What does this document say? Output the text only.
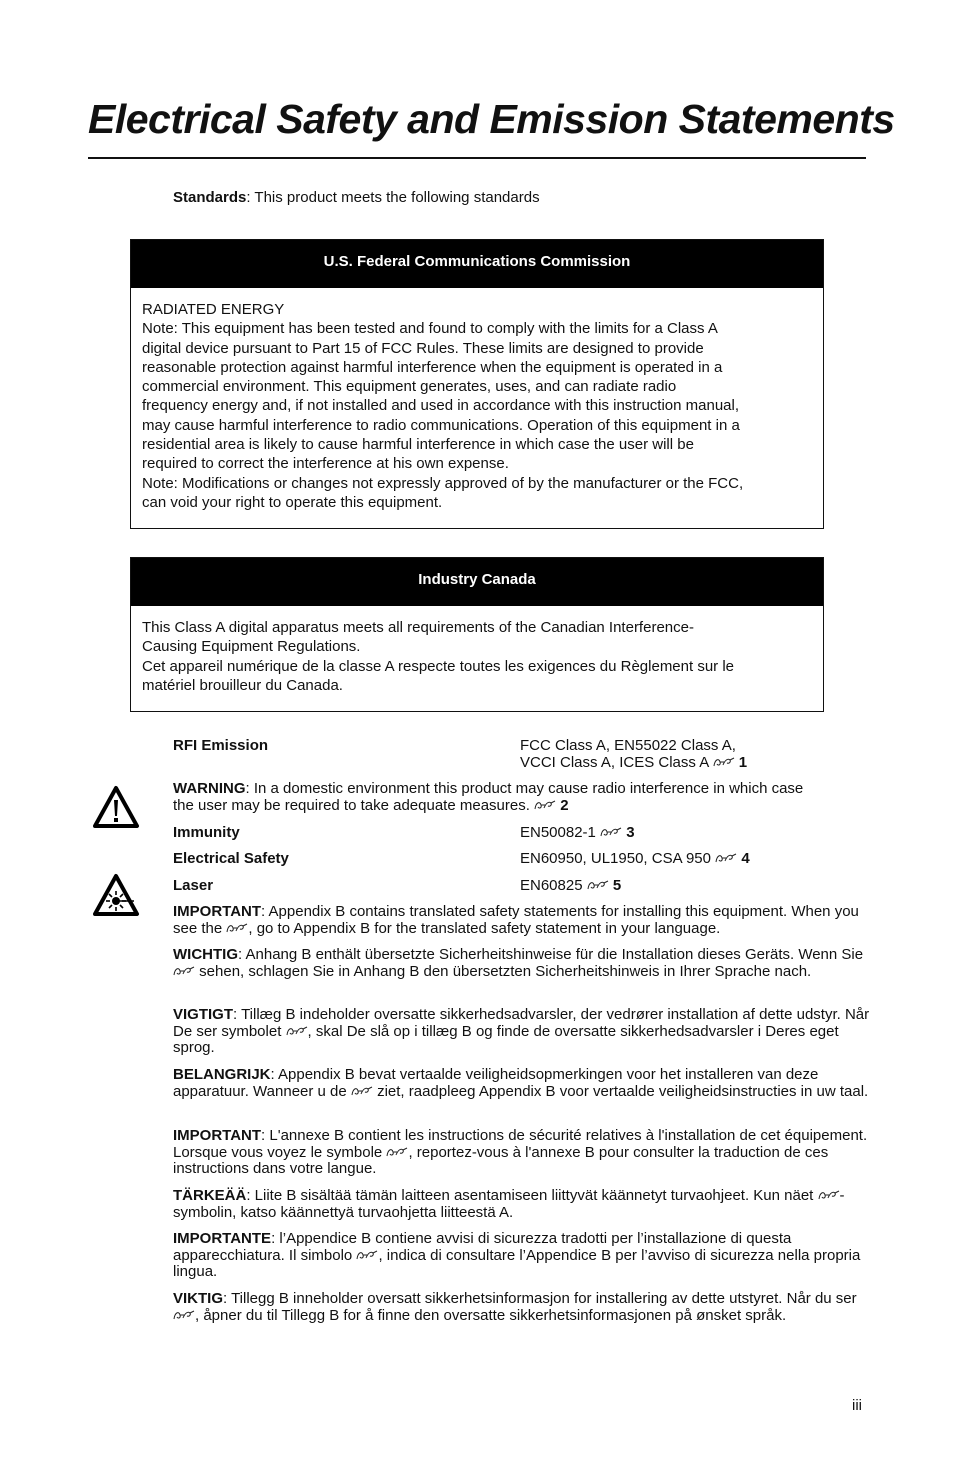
Electrical Safety and Emission Statements
Standards: This product meets the following standards
U.S. Federal Communications Commission

RADIATED ENERGY

Note: This equipment has been tested and found to comply with the limits for a Class A

digital device pursuant to Part 15 of FCC Rules. These limits are designed to provide

reasonable protection against harmful interference when the equipment is operated in a

commercial environment. This equipment generates, uses, and can radiate radio

frequency energy and, if not installed and used in accordance with this instruction manual,

may cause harmful interference to radio communications. Operation of this equipment in a

residential area is likely to cause harmful interference in which case the user will be

required to correct the interference at his own expense.

Note: Modifications or changes not expressly approved of by the manufacturer or the FCC,

can void your right to operate this equipment.

Industry Canada

This Class A digital apparatus meets all requirements of the Canadian Interference-

Causing Equipment Regulations.

Cet appareil numérique de la classe A respecte toutes les exigences du Règlement sur le

matériel brouilleur du Canada.

RFI Emission	FCC Class A, EN55022 Class A,
VCCI Class A, ICES Class A 1
WARNING: In a domestic environment this product may cause radio interference in which case
the user may be required to take adequate measures. 2
Immunity	EN50082-1 3
Electrical Safety	EN60950, UL1950, CSA 950 4
Laser	EN60825 5
IMPORTANT: Appendix B contains translated safety statements for installing this equipment. When you see the
, go to Appendix B for the translated safety statement in your language.
WICHTIG: Anhang B enthält übersetzte Sicherheitshinweise für die Installation dieses Geräts. Wenn Sie
sehen, schlagen Sie in Anhang B den übersetzten Sicherheitshinweis in Ihrer Sprache nach.
VIGTIGT: Tillæg B indeholder oversatte sikkerhedsadvarsler, der vedrører installation af dette udstyr. Når De ser symbolet
, skal De slå op i tillæg B og finde de oversatte sikkerhedsadvarsler i Deres eget sprog.
BELANGRIJK: Appendix B bevat vertaalde veiligheidsopmerkingen voor het installeren van deze apparatuur. Wanneer u de
ziet, raadpleeg Appendix B voor vertaalde veiligheidsinstructies in uw taal.
IMPORTANT: L'annexe B contient les instructions de sécurité relatives à l'installation de cet équipement. Lorsque vous voyez le symbole
, reportez-vous à l'annexe B pour consulter la traduction de ces instructions dans votre langue.
TÄRKEÄÄ: Liite B sisältää tämän laitteen asentamiseen liittyvät käännetyt turvaohjeet. Kun näet
-symbolin, katso käännettyä turvaohjetta liitteestä A.
IMPORTANTE: l’Appendice B contiene avvisi di sicurezza tradotti per l’installazione di questa apparecchiatura. Il simbolo
, indica di consultare l’Appendice B per l’avviso di sicurezza nella propria lingua.
VIKTIG: Tillegg B inneholder oversatt sikkerhetsinformasjon for installering av dette utstyret. Når du ser
, åpner du til Tillegg B for å finne den oversatte sikkerhetsinformasjonen på ønsket språk.
iii
